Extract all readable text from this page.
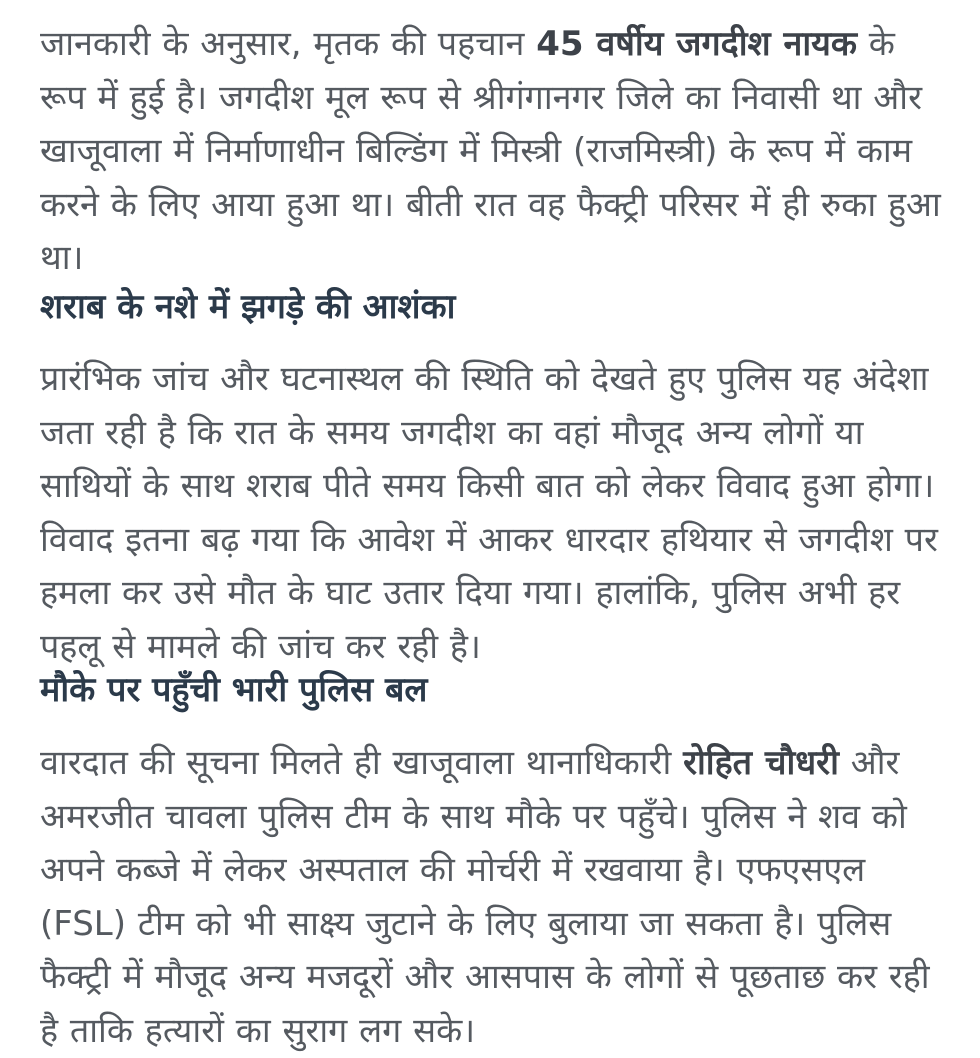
जानकारी के अनुसार, मृतक की पहचान 45 वर्षीय जगदीश नायक के रूप में हुई है। जगदीश मूल रूप से श्रीगंगानगर जिले का निवासी था और खाजूवाला में निर्माणाधीन बिल्डिंग में मिस्त्री (राजमिस्त्री) के रूप में काम करने के लिए आया हुआ था। बीती रात वह फैक्ट्री परिसर में ही रुका हुआ था।

शराब के नशे में झगड़े की आशंका

प्रारंभिक जांच और घटनास्थल की स्थिति को देखते हुए पुलिस यह अंदेशा जता रही है कि रात के समय जगदीश का वहां मौजूद अन्य लोगों या साथियों के साथ शराब पीते समय किसी बात को लेकर विवाद हुआ होगा। विवाद इतना बढ़ गया कि आवेश में आकर धारदार हथियार से जगदीश पर हमला कर उसे मौत के घाट उतार दिया गया। हालांकि, पुलिस अभी हर पहलू से मामले की जांच कर रही है।

मौके पर पहुँची भारी पुलिस बल

वारदात की सूचना मिलते ही खाजूवाला थानाधिकारी रोहित चौधरी और अमरजीत चावला पुलिस टीम के साथ मौके पर पहुँचे। पुलिस ने शव को अपने कब्जे में लेकर अस्पताल की मोर्चरी में रखवाया है। एफएसएल (FSL) टीम को भी साक्ष्य जुटाने के लिए बुलाया जा सकता है। पुलिस फैक्ट्री में मौजूद अन्य मजदूरों और आसपास के लोगों से पूछताछ कर रही है ताकि हत्यारों का सुराग लग सके।
